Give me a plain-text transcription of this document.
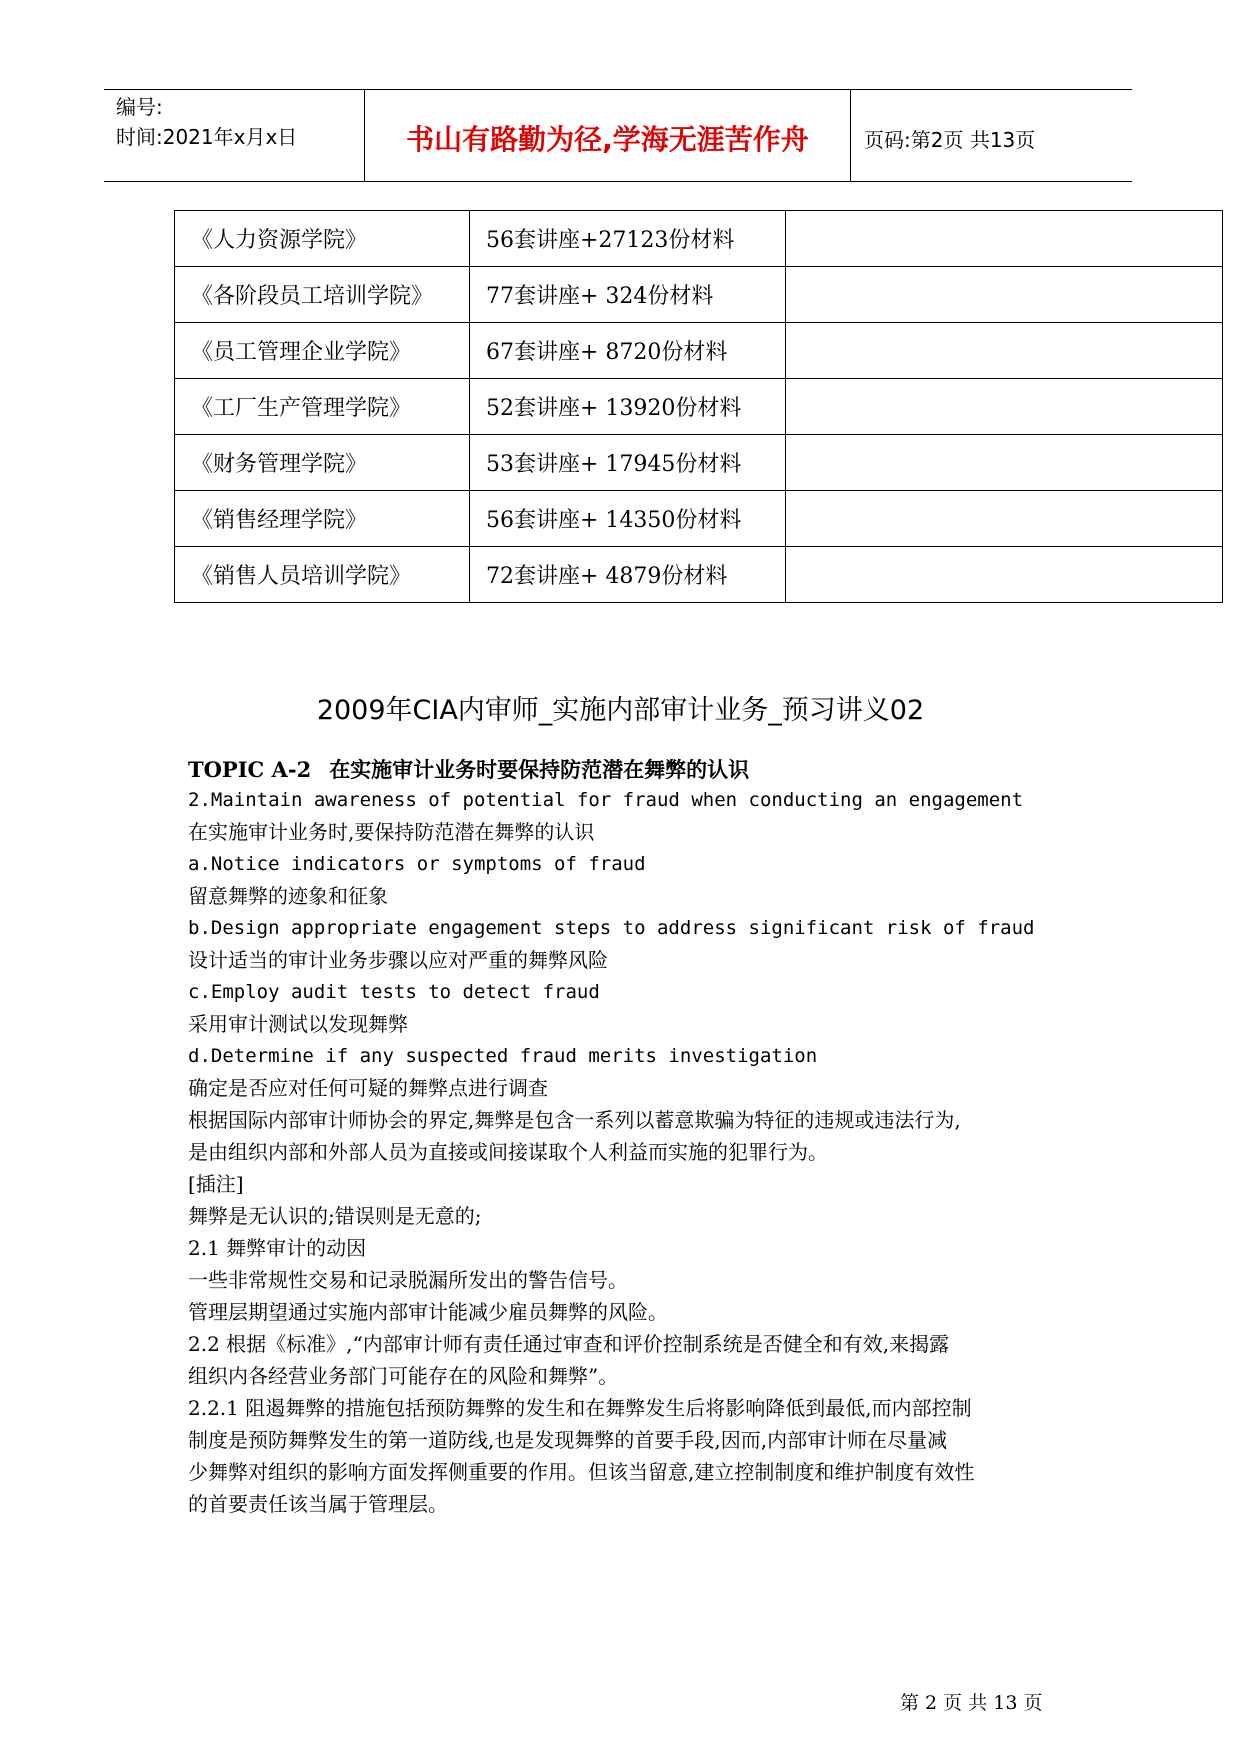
编号:
时间:2021年x月x日	书山有路勤为径,学海无涯苦作舟	页码:第2页 共13页
《人力资源学院》	56套讲座+27123份材料	
《各阶段员工培训学院》	77套讲座+ 324份材料	
《员工管理企业学院》	67套讲座+ 8720份材料	
《工厂生产管理学院》	52套讲座+ 13920份材料	
《财务管理学院》	53套讲座+ 17945份材料	
《销售经理学院》	56套讲座+ 14350份材料	
《销售人员培训学院》	72套讲座+ 4879份材料	
2009年CIA内审师_实施内部审计业务_预习讲义02
TOPIC A-2 在实施审计业务时要保持防范潜在舞弊的认识
2.Maintain awareness of potential for fraud when conducting an engagement
在实施审计业务时,要保持防范潜在舞弊的认识
a.Notice indicators or symptoms of fraud
留意舞弊的迹象和征象
b.Design appropriate engagement steps to address significant risk of fraud
设计适当的审计业务步骤以应对严重的舞弊风险
c.Employ audit tests to detect fraud
采用审计测试以发现舞弊
d.Determine if any suspected fraud merits investigation
确定是否应对任何可疑的舞弊点进行调查
根据国际内部审计师协会的界定,舞弊是包含一系列以蓄意欺骗为特征的违规或违法行为,
是由组织内部和外部人员为直接或间接谋取个人利益而实施的犯罪行为。
[插注]
舞弊是无认识的;错误则是无意的;
2.1 舞弊审计的动因
一些非常规性交易和记录脱漏所发出的警告信号。
管理层期望通过实施内部审计能减少雇员舞弊的风险。
2.2 根据《标准》,“内部审计师有责任通过审查和评价控制系统是否健全和有效,来揭露
组织内各经营业务部门可能存在的风险和舞弊”。
2.2.1 阻遏舞弊的措施包括预防舞弊的发生和在舞弊发生后将影响降低到最低,而内部控制
制度是预防舞弊发生的第一道防线,也是发现舞弊的首要手段,因而,内部审计师在尽量减
少舞弊对组织的影响方面发挥侧重要的作用。但该当留意,建立控制制度和维护制度有效性
的首要责任该当属于管理层。
第 2 页 共 13 页
